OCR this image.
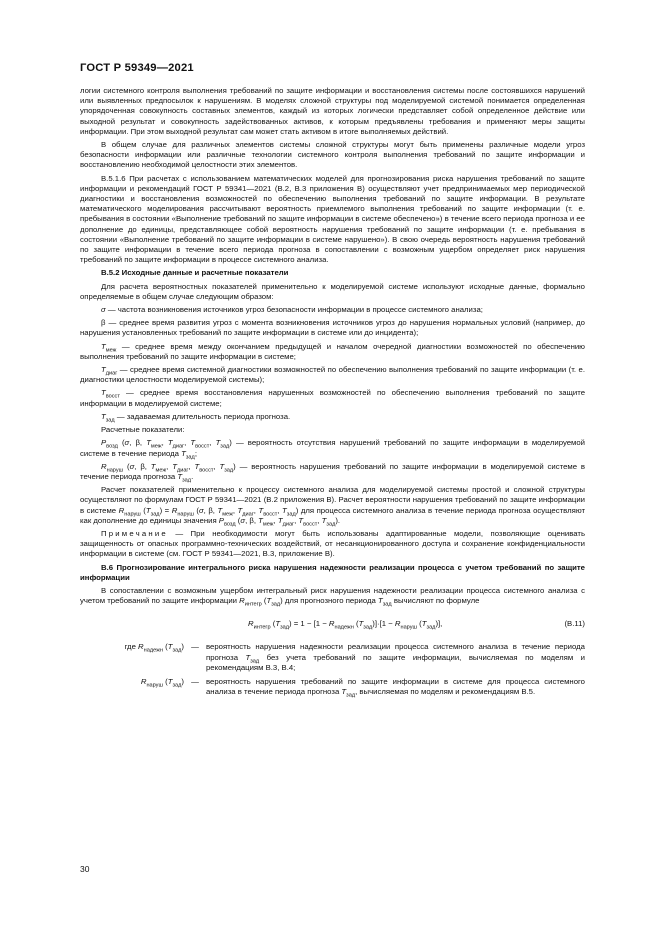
ГОСТ Р 59349—2021

логии системного контроля выполнения требований по защите информации и восстановления системы после состоявшихся нарушений или выявленных предпосылок к нарушениям. В моделях сложной структуры под моделируемой системой понимается определенная упорядоченная совокупность составных элементов, каждый из которых логически представляет собой определенное действие или выходной результат и совокупность задействованных активов, к которым предъявлены требования и применяют меры защиты информации. При этом выходной результат сам может стать активом в итоге выполняемых действий.

В общем случае для различных элементов системы сложной структуры могут быть применены различные модели угроз безопасности информации или различные технологии системного контроля выполнения требований по защите информации и восстановлению необходимой целостности этих элементов.

В.5.1.6 При расчетах с использованием математических моделей для прогнозирования риска нарушения требований по защите информации и рекомендаций ГОСТ Р 59341—2021 (В.2, В.3 приложения В) осуществляют учет предпринимаемых мер периодической диагностики и восстановления возможностей по обеспечению выполнения требований по защите информации. В результате математического моделирования рассчитывают вероятность приемлемого выполнения требований по защите информации (т. е. пребывания в состоянии «Выполнение требований по защите информации в системе обеспечено») в течение всего периода прогноза и ее дополнение до единицы, представляющее собой вероятность нарушения требований по защите информации (т. е. пребывания в состоянии «Выполнение требований по защите информации в системе нарушено»). В свою очередь вероятность нарушения требований по защите информации в течение всего периода прогноза в сопоставлении с возможным ущербом определяет риск нарушения требований по защите информации в процессе системного анализа.

В.5.2 Исходные данные и расчетные показатели

Для расчета вероятностных показателей применительно к моделируемой системе используют исходные данные, формально определяемые в общем случае следующим образом:

σ — частота возникновения источников угроз безопасности информации в процессе системного анализа;

β — среднее время развития угроз с момента возникновения источников угроз до нарушения нормальных условий (например, до нарушения установленных требований по защите информации в системе или до инцидента);

$T_{меж}$ — среднее время между окончанием предыдущей и началом очередной диагностики возможностей по обеспечению выполнения требований по защите информации в системе;

$T_{диаг}$ — среднее время системной диагностики возможностей по обеспечению выполнения требований по защите информации (т. е. диагностики целостности моделируемой системы);

$T_{восст}$ — среднее время восстановления нарушенных возможностей по обеспечению выполнения требований по защите информации в моделируемой системе;

$T_{зад}$ — задаваемая длительность периода прогноза.

Расчетные показатели:

$P_{возд}$ (σ, β, $T_{меж}$, $T_{диаг}$, $T_{восст}$, $T_{зад}$) — вероятность отсутствия нарушений требований по защите информации в моделируемой системе в течение периода $T_{зад}$;

$R_{наруш}$ (σ, β, $T_{меж}$, $T_{диаг}$, $T_{восст}$, $T_{зад}$) — вероятность нарушения требований по защите информации в моделируемой системе в течение периода прогноза $T_{зад}$.

Расчет показателей применительно к процессу системного анализа для моделируемой системы простой и сложной структуры осуществляют по формулам ГОСТ Р 59341—2021 (В.2 приложения В). Расчет вероятности нарушения требований по защите информации в системе $R_{наруш}$ $(T_{зад}) = R_{наруш}$ (σ, β, $T_{меж}$, $T_{диаг}$, $T_{восст}$, $T_{зад}$) для процесса системного анализа в течение периода прогноза осуществляют как дополнение до единицы значения $P_{возд}$ (σ, β, $T_{меж}$, $T_{диаг}$, $T_{восст}$, $T_{зад}$).

Примечание — При необходимости могут быть использованы адаптированные модели, позволяющие оценивать защищенность от опасных программно-технических воздействий, от несанкционированного доступа и сохранение конфиденциальности информации в системе (см. ГОСТ Р 59341—2021, В.3, приложение В).

В.6 Прогнозирование интегрального риска нарушения надежности реализации процесса с учетом требований по защите информации

В сопоставлении с возможным ущербом интегральный риск нарушения надежности реализации процесса системного анализа с учетом требований по защите информации $R_{интегр}$ $(T_{зад})$ для прогнозного периода $T_{зад}$ вычисляют по формуле

$R_{интегр}$ $(T_{зад}) = 1 - [1 - R_{надежн}$ $(T_{зад})]\cdot[1 - R_{наруш}$ $(T_{зад})$],	(В.11)
где $R_{надежн}$ $(T_{зад})$ — вероятность нарушения надежности реализации процесса системного анализа в течение периода прогноза $T_{зад}$ без учета требований по защите информации, вычисляемая по моделям и рекомендациям В.3, В.4;
$R_{наруш}$ $(T_{зад})$ — вероятность нарушения требований по защите информации в системе для процесса системного анализа в течение периода прогноза $T_{зад}$, вычисляемая по моделям и рекомендациям В.5.
30
